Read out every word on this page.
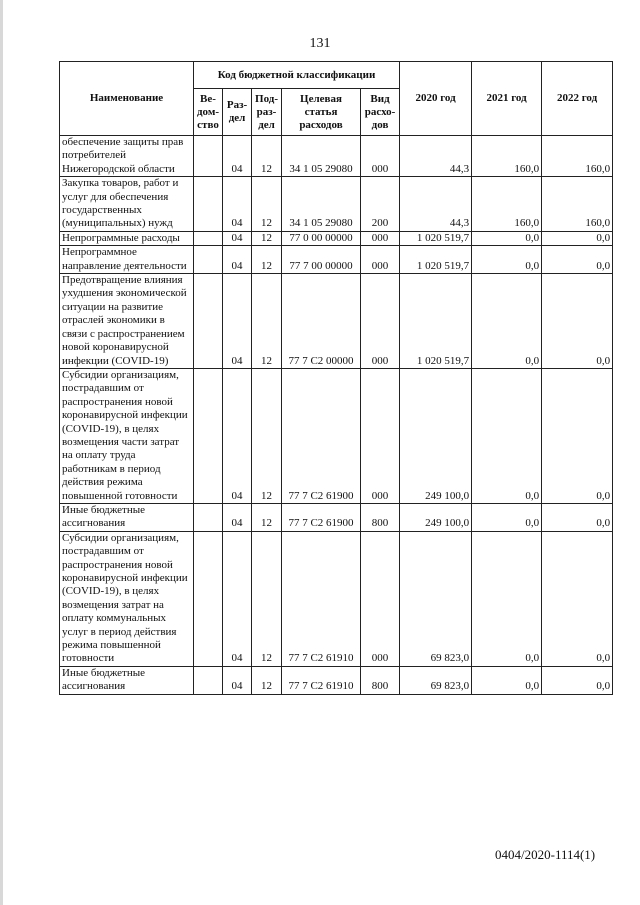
131
Наименование	Код бюджетной классификации					2020 год	2021 год	2022 год
	Ве-дом-ство	Раз-дел	Под-раз-дел	Целевая статья расходов	Вид расхо-дов			
обеспечение защиты прав потребителей Нижегородской области		04	12	34 1 05 29080	000	44,3	160,0	160,0
Закупка товаров, работ и услуг для обеспечения государственных (муниципальных) нужд		04	12	34 1 05 29080	200	44,3	160,0	160,0
Непрограммные расходы		04	12	77 0 00 00000	000	1 020 519,7	0,0	0,0
Непрограммное направление деятельности		04	12	77 7 00 00000	000	1 020 519,7	0,0	0,0
Предотвращение влияния ухудшения экономической ситуации на развитие отраслей экономики в связи с распространением новой коронавирусной инфекции (COVID-19)		04	12	77 7 C2 00000	000	1 020 519,7	0,0	0,0
Субсидии организациям, пострадавшим от распространения новой коронавирусной инфекции (COVID-19), в целях возмещения части затрат на оплату труда работникам в период действия режима повышенной готовности		04	12	77 7 C2 61900	000	249 100,0	0,0	0,0
Иные бюджетные ассигнования		04	12	77 7 C2 61900	800	249 100,0	0,0	0,0
Субсидии организациям, пострадавшим от распространения новой коронавирусной инфекции (COVID-19), в целях возмещения затрат на оплату коммунальных услуг в период действия режима повышенной готовности		04	12	77 7 C2 61910	000	69 823,0	0,0	0,0
Иные бюджетные ассигнования		04	12	77 7 C2 61910	800	69 823,0	0,0	0,0
0404/2020-1114(1)
